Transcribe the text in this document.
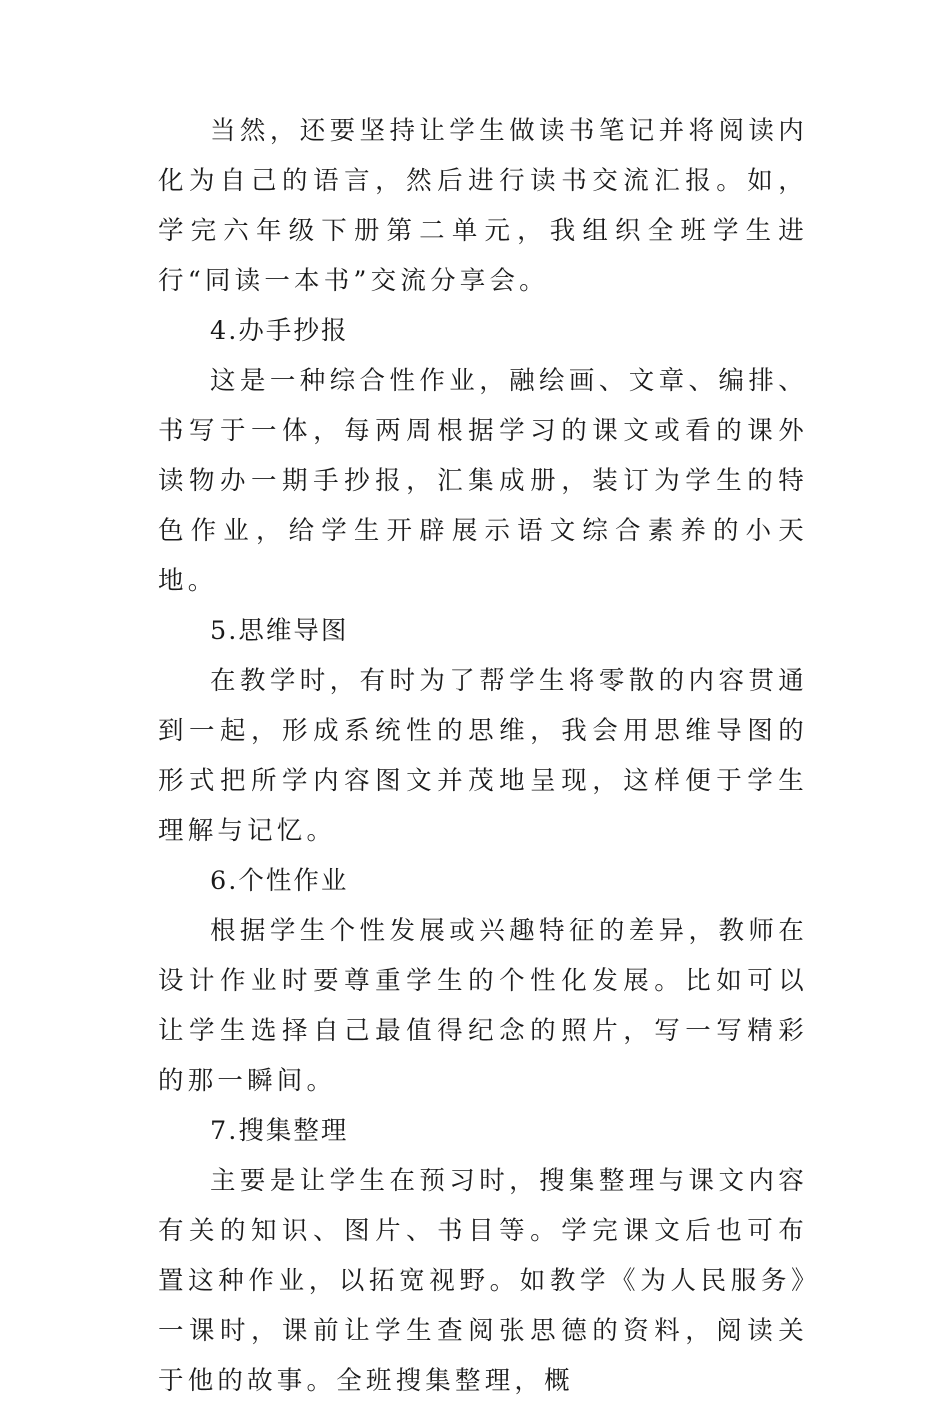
当然，还要坚持让学生做读书笔记并将阅读内化为自己的语言，然后进行读书交流汇报。如，学完六年级下册第二单元，我组织全班学生进行“同读一本书”交流分享会。

4.办手抄报

这是一种综合性作业，融绘画、文章、编排、书写于一体，每两周根据学习的课文或看的课外读物办一期手抄报，汇集成册，装订为学生的特色作业，给学生开辟展示语文综合素养的小天地。

5.思维导图

在教学时，有时为了帮学生将零散的内容贯通到一起，形成系统性的思维，我会用思维导图的形式把所学内容图文并茂地呈现，这样便于学生理解与记忆。

6.个性作业

根据学生个性发展或兴趣特征的差异，教师在设计作业时要尊重学生的个性化发展。比如可以让学生选择自己最值得纪念的照片，写一写精彩的那一瞬间。

7.搜集整理

主要是让学生在预习时，搜集整理与课文内容有关的知识、图片、书目等。学完课文后也可布置这种作业，以拓宽视野。如教学《为人民服务》一课时，课前让学生查阅张思德的资料，阅读关于他的故事。全班搜集整理，概
